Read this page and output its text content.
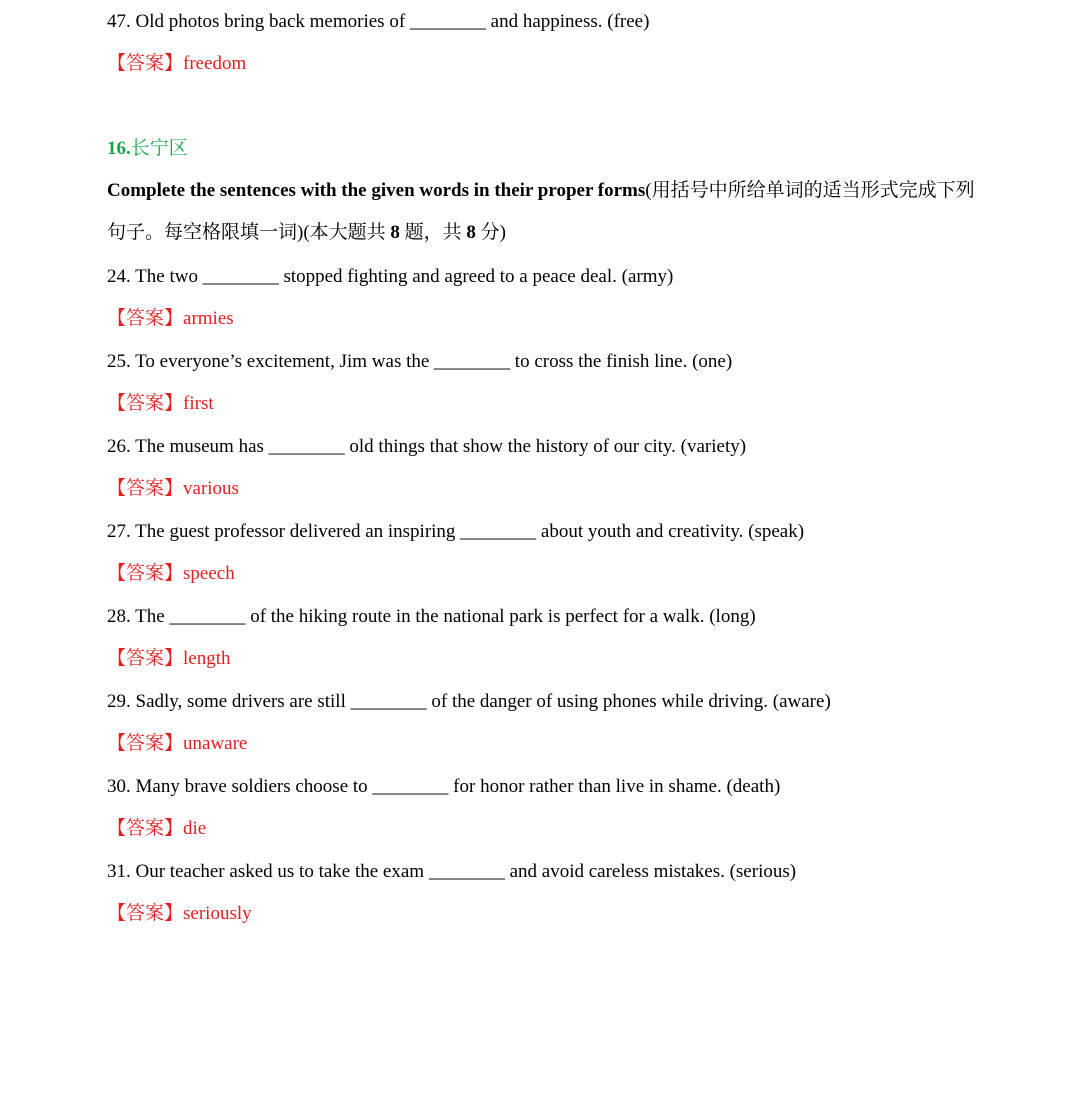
47. Old photos bring back memories of ________ and happiness. (free)
【答案】freedom
16.长宁区
Complete the sentences with the given words in their proper forms(用括号中所给单词的适当形式完成下列
句子。每空格限填一词)(本大题共 8 题，共 8 分)
24. The two ________ stopped fighting and agreed to a peace deal. (army)
【答案】armies
25. To everyone’s excitement, Jim was the ________ to cross the finish line. (one)
【答案】first
26. The museum has ________ old things that show the history of our city. (variety)
【答案】various
27. The guest professor delivered an inspiring ________ about youth and creativity. (speak)
【答案】speech
28. The ________ of the hiking route in the national park is perfect for a walk. (long)
【答案】length
29. Sadly, some drivers are still ________ of the danger of using phones while driving. (aware)
【答案】unaware
30. Many brave soldiers choose to ________ for honor rather than live in shame. (death)
【答案】die
31. Our teacher asked us to take the exam ________ and avoid careless mistakes. (serious)
【答案】seriously
